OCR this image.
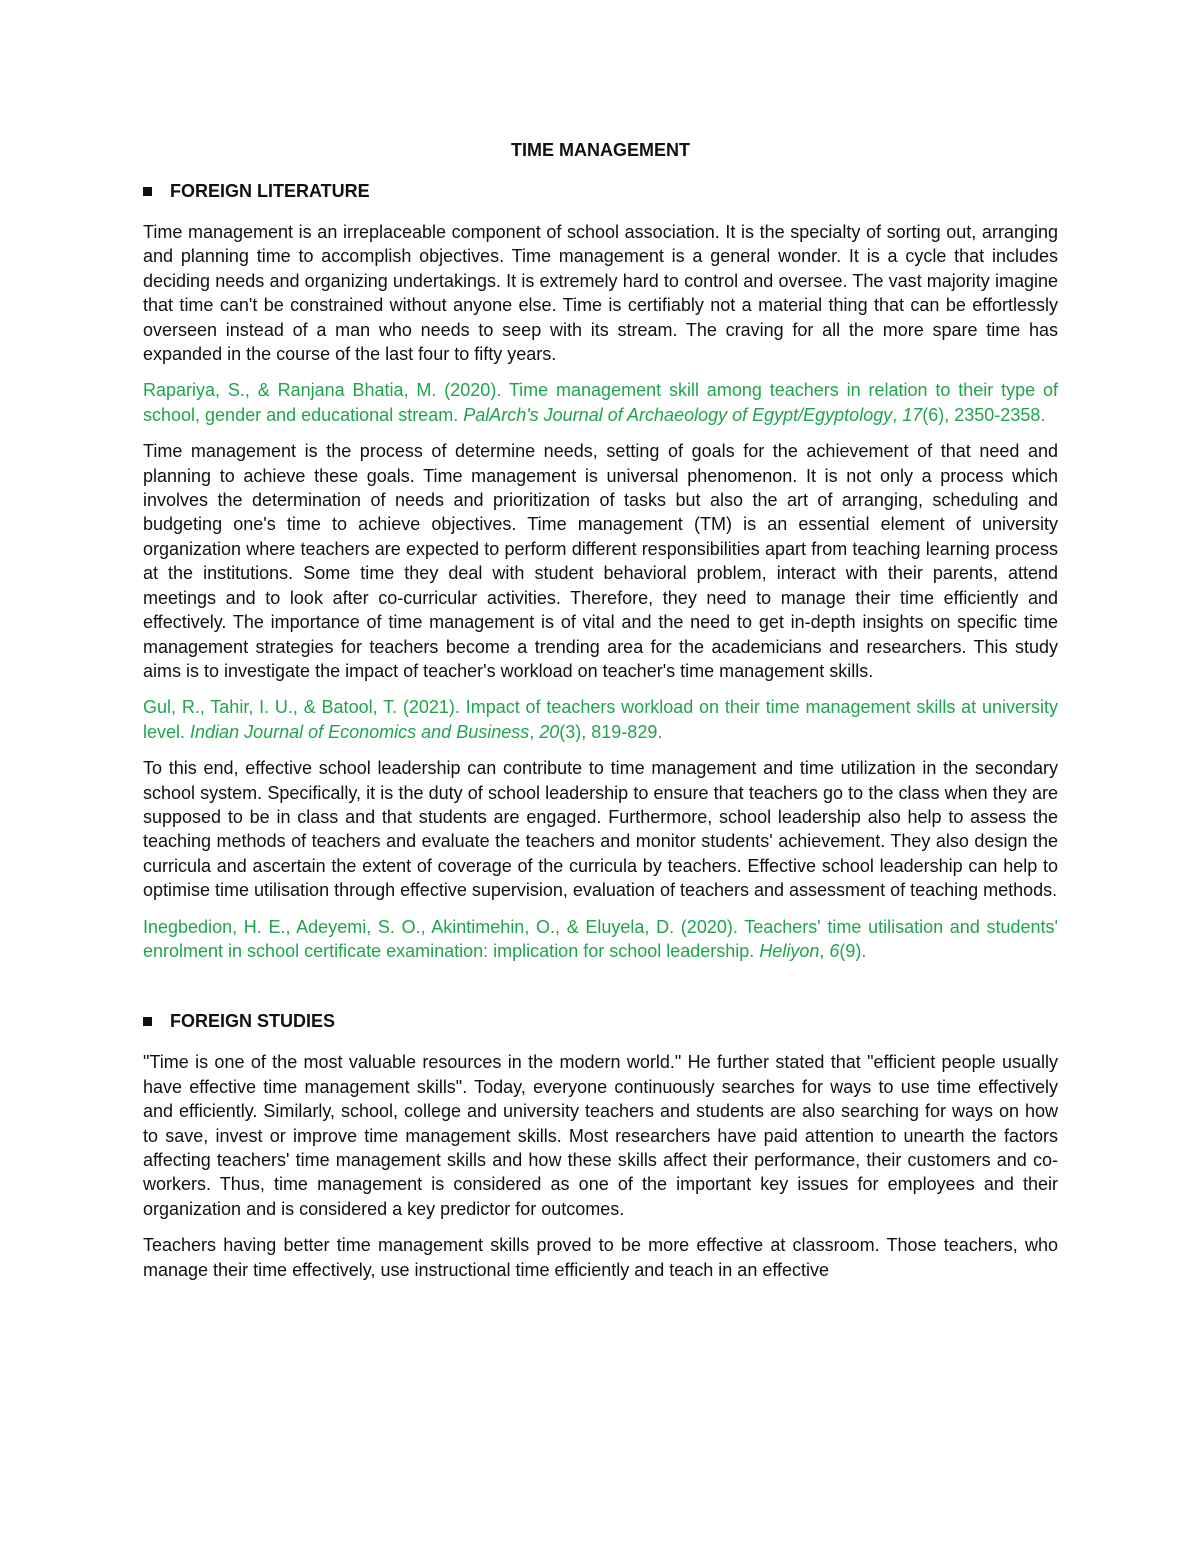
TIME MANAGEMENT
FOREIGN LITERATURE

Time management is an irreplaceable component of school association. It is the specialty of sorting out, arranging and planning time to accomplish objectives. Time management is a general wonder. It is a cycle that includes deciding needs and organizing undertakings. It is extremely hard to control and oversee. The vast majority imagine that time can't be constrained without anyone else. Time is certifiably not a material thing that can be effortlessly overseen instead of a man who needs to seep with its stream. The craving for all the more spare time has expanded in the course of the last four to fifty years.

Rapariya, S., & Ranjana Bhatia, M. (2020). Time management skill among teachers in relation to their type of school, gender and educational stream. PalArch's Journal of Archaeology of Egypt/Egyptology, 17(6), 2350-2358.

Time management is the process of determine needs, setting of goals for the achievement of that need and planning to achieve these goals. Time management is universal phenomenon. It is not only a process which involves the determination of needs and prioritization of tasks but also the art of arranging, scheduling and budgeting one's time to achieve objectives. Time management (TM) is an essential element of university organization where teachers are expected to perform different responsibilities apart from teaching learning process at the institutions. Some time they deal with student behavioral problem, interact with their parents, attend meetings and to look after co-curricular activities. Therefore, they need to manage their time efficiently and effectively. The importance of time management is of vital and the need to get in-depth insights on specific time management strategies for teachers become a trending area for the academicians and researchers. This study aims is to investigate the impact of teacher's workload on teacher's time management skills.

Gul, R., Tahir, I. U., & Batool, T. (2021). Impact of teachers workload on their time management skills at university level. Indian Journal of Economics and Business, 20(3), 819-829.

To this end, effective school leadership can contribute to time management and time utilization in the secondary school system. Specifically, it is the duty of school leadership to ensure that teachers go to the class when they are supposed to be in class and that students are engaged. Furthermore, school leadership also help to assess the teaching methods of teachers and evaluate the teachers and monitor students' achievement. They also design the curricula and ascertain the extent of coverage of the curricula by teachers. Effective school leadership can help to optimise time utilisation through effective supervision, evaluation of teachers and assessment of teaching methods.

Inegbedion, H. E., Adeyemi, S. O., Akintimehin, O., & Eluyela, D. (2020). Teachers' time utilisation and students' enrolment in school certificate examination: implication for school leadership. Heliyon, 6(9).

FOREIGN STUDIES

"Time is one of the most valuable resources in the modern world." He further stated that "efficient people usually have effective time management skills". Today, everyone continuously searches for ways to use time effectively and efficiently. Similarly, school, college and university teachers and students are also searching for ways on how to save, invest or improve time management skills. Most researchers have paid attention to unearth the factors affecting teachers' time management skills and how these skills affect their performance, their customers and co-workers. Thus, time management is considered as one of the important key issues for employees and their organization and is considered a key predictor for outcomes.

Teachers having better time management skills proved to be more effective at classroom. Those teachers, who manage their time effectively, use instructional time efficiently and teach in an effective
